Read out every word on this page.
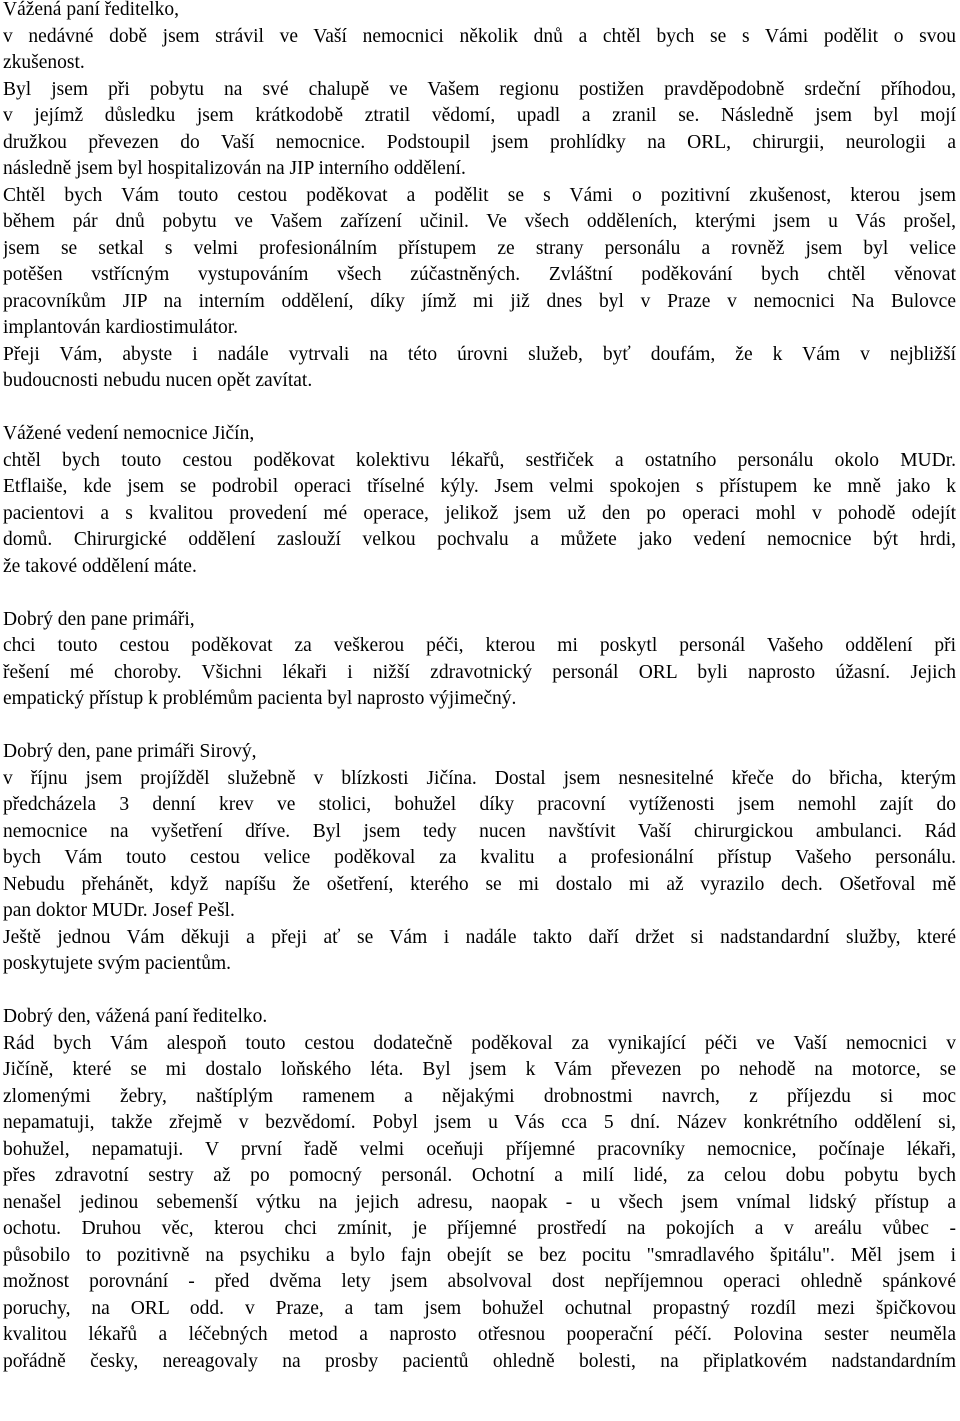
Vážená paní ředitelko,
v nedávné době jsem strávil ve Vaší nemocnici několik dnů a chtěl bych se s Vámi podělit o svou
zkušenost.
Byl jsem při pobytu na své chalupě ve Vašem regionu postižen pravděpodobně srdeční příhodou,
v jejímž důsledku jsem krátkodobě ztratil vědomí, upadl a zranil se. Následně jsem byl mojí
družkou převezen do Vaší nemocnice. Podstoupil jsem prohlídky na ORL, chirurgii, neurologii a
následně jsem byl hospitalizován na JIP interního oddělení.
Chtěl bych Vám touto cestou poděkovat a podělit se s Vámi o pozitivní zkušenost, kterou jsem
během pár dnů pobytu ve Vašem zařízení učinil. Ve všech odděleních, kterými jsem u Vás prošel,
jsem se setkal s velmi profesionálním přístupem ze strany personálu a rovněž jsem byl velice
potěšen vstřícným vystupováním všech zúčastněných. Zvláštní poděkování bych chtěl věnovat
pracovníkům JIP na interním oddělení, díky jímž mi již dnes byl v Praze v nemocnici Na Bulovce
implantován kardiostimulátor.
Přeji Vám, abyste i nadále vytrvali na této úrovni služeb, byť doufám, že k Vám v nejbližší
budoucnosti nebudu nucen opět zavítat.
Vážené vedení nemocnice Jičín,
chtěl bych touto cestou poděkovat kolektivu lékařů, sestřiček a ostatního personálu okolo MUDr.
Etflaiše, kde jsem se podrobil operaci tříselné kýly. Jsem velmi spokojen s přístupem ke mně jako k
pacientovi a s kvalitou provedení mé operace, jelikož jsem už den po operaci mohl v pohodě odejít
domů. Chirurgické oddělení zaslouží velkou pochvalu a můžete jako vedení nemocnice být hrdi,
že takové oddělení máte.
Dobrý den pane primáři,
chci touto cestou poděkovat za veškerou péči, kterou mi poskytl personál Vašeho oddělení při
řešení mé choroby. Všichni lékaři i nižší zdravotnický personál ORL byli naprosto úžasní. Jejich
empatický přístup k problémům pacienta byl naprosto výjimečný.
Dobrý den, pane primáři Sirový,
v říjnu jsem projížděl služebně v blízkosti Jičína. Dostal jsem nesnesitelné křeče do břicha, kterým
předcházela 3 denní krev ve stolici, bohužel díky pracovní vytíženosti jsem nemohl zajít do
nemocnice na vyšetření dříve. Byl jsem tedy nucen navštívit Vaší chirurgickou ambulanci. Rád
bych Vám touto cestou velice poděkoval za kvalitu a profesionální přístup Vašeho personálu.
Nebudu přehánět, když napíšu že ošetření, kterého se mi dostalo mi až vyrazilo dech. Ošetřoval mě
pan doktor MUDr. Josef Pešl.
Ještě jednou Vám děkuji a přeji ať se Vám i nadále takto daří držet si nadstandardní služby, které
poskytujete svým pacientům.
Dobrý den, vážená paní ředitelko.
Rád bych Vám alespoň touto cestou dodatečně poděkoval za vynikající péči ve Vaší nemocnici v
Jičíně, které se mi dostalo loňského léta. Byl jsem k Vám převezen po nehodě na motorce, se
zlomenými žebry, naštíplým ramenem a nějakými drobnostmi navrch, z příjezdu si moc
nepamatuji, takže zřejmě v bezvědomí. Pobyl jsem u Vás cca 5 dní. Název konkrétního oddělení si,
bohužel, nepamatuji. V první řadě velmi oceňuji příjemné pracovníky nemocnice, počínaje lékaři,
přes zdravotní sestry až po pomocný personál. Ochotní a milí lidé, za celou dobu pobytu bych
nenašel jedinou sebemenší výtku na jejich adresu, naopak - u všech jsem vnímal lidský přístup a
ochotu. Druhou věc, kterou chci zmínit, je příjemné prostředí na pokojích a v areálu vůbec -
působilo to pozitivně na psychiku a bylo fajn obejít se bez pocitu "smradlavého špitálu". Měl jsem i
možnost porovnání - před dvěma lety jsem absolvoval dost nepříjemnou operaci ohledně spánkové
poruchy, na ORL odd. v Praze, a tam jsem bohužel ochutnal propastný rozdíl mezi špičkovou
kvalitou lékařů a léčebných metod a naprosto otřesnou pooperační péčí. Polovina sester neuměla
pořádně česky, nereagovaly na prosby pacientů ohledně bolesti, na připlatkovém nadstandardním
